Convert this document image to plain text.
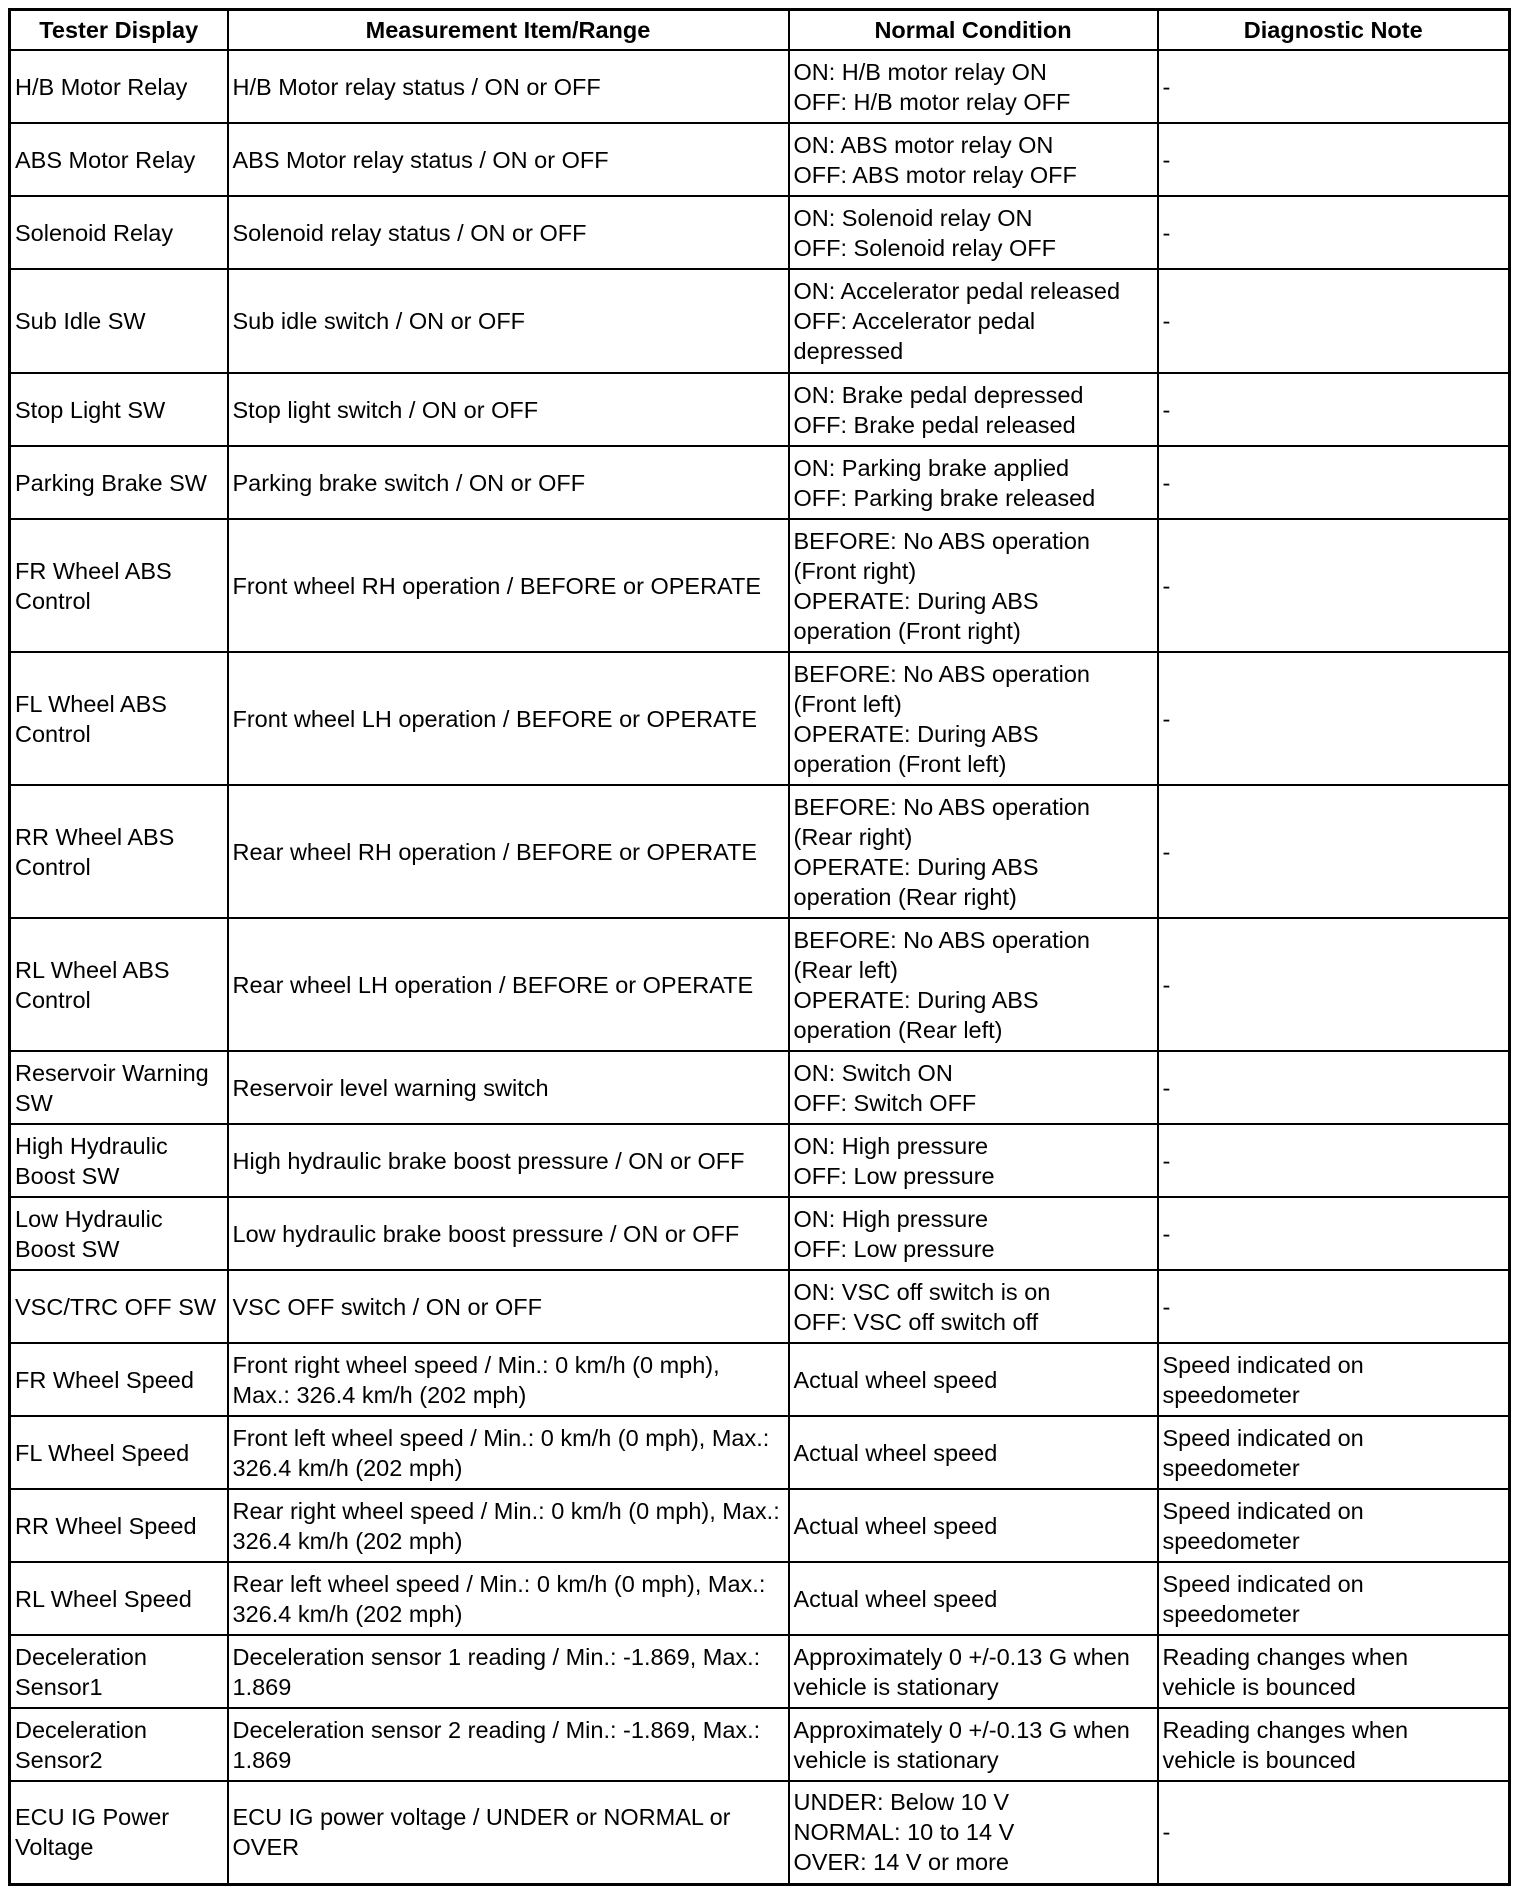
Tester Display	Measurement Item/Range	Normal Condition	Diagnostic Note
H/B Motor Relay	H/B Motor relay status / ON or OFF	ON: H/B motor relay ON
OFF: H/B motor relay OFF	-
ABS Motor Relay	ABS Motor relay status / ON or OFF	ON: ABS motor relay ON
OFF: ABS motor relay OFF	-
Solenoid Relay	Solenoid relay status / ON or OFF	ON: Solenoid relay ON
OFF: Solenoid relay OFF	-
Sub Idle SW	Sub idle switch / ON or OFF	ON: Accelerator pedal released
OFF: Accelerator pedal
depressed	-
Stop Light SW	Stop light switch / ON or OFF	ON: Brake pedal depressed
OFF: Brake pedal released	-
Parking Brake SW	Parking brake switch / ON or OFF	ON: Parking brake applied
OFF: Parking brake released	-
FR Wheel ABS Control	Front wheel RH operation / BEFORE or OPERATE	BEFORE: No ABS operation
(Front right)
OPERATE: During ABS
operation (Front right)	-
FL Wheel ABS Control	Front wheel LH operation / BEFORE or OPERATE	BEFORE: No ABS operation
(Front left)
OPERATE: During ABS
operation (Front left)	-
RR Wheel ABS Control	Rear wheel RH operation / BEFORE or OPERATE	BEFORE: No ABS operation
(Rear right)
OPERATE: During ABS
operation (Rear right)	-
RL Wheel ABS Control	Rear wheel LH operation / BEFORE or OPERATE	BEFORE: No ABS operation
(Rear left)
OPERATE: During ABS
operation (Rear left)	-
Reservoir Warning SW	Reservoir level warning switch	ON: Switch ON
OFF: Switch OFF	-
High Hydraulic Boost SW	High hydraulic brake boost pressure / ON or OFF	ON: High pressure
OFF: Low pressure	-
Low Hydraulic Boost SW	Low hydraulic brake boost pressure / ON or OFF	ON: High pressure
OFF: Low pressure	-
VSC/TRC OFF SW	VSC OFF switch / ON or OFF	ON: VSC off switch is on
OFF: VSC off switch off	-
FR Wheel Speed	Front right wheel speed / Min.: 0 km/h (0 mph), Max.: 326.4 km/h (202 mph)	Actual wheel speed	Speed indicated on
speedometer
FL Wheel Speed	Front left wheel speed / Min.: 0 km/h (0 mph), Max.: 326.4 km/h (202 mph)	Actual wheel speed	Speed indicated on
speedometer
RR Wheel Speed	Rear right wheel speed / Min.: 0 km/h (0 mph), Max.: 326.4 km/h (202 mph)	Actual wheel speed	Speed indicated on
speedometer
RL Wheel Speed	Rear left wheel speed / Min.: 0 km/h (0 mph), Max.: 326.4 km/h (202 mph)	Actual wheel speed	Speed indicated on
speedometer
Deceleration Sensor1	Deceleration sensor 1 reading / Min.: -1.869, Max.: 1.869	Approximately 0 +/-0.13 G when
vehicle is stationary	Reading changes when
vehicle is bounced
Deceleration Sensor2	Deceleration sensor 2 reading / Min.: -1.869, Max.: 1.869	Approximately 0 +/-0.13 G when
vehicle is stationary	Reading changes when
vehicle is bounced
ECU IG Power Voltage	ECU IG power voltage / UNDER or NORMAL or OVER	UNDER: Below 10 V
NORMAL: 10 to 14 V
OVER: 14 V or more	-
